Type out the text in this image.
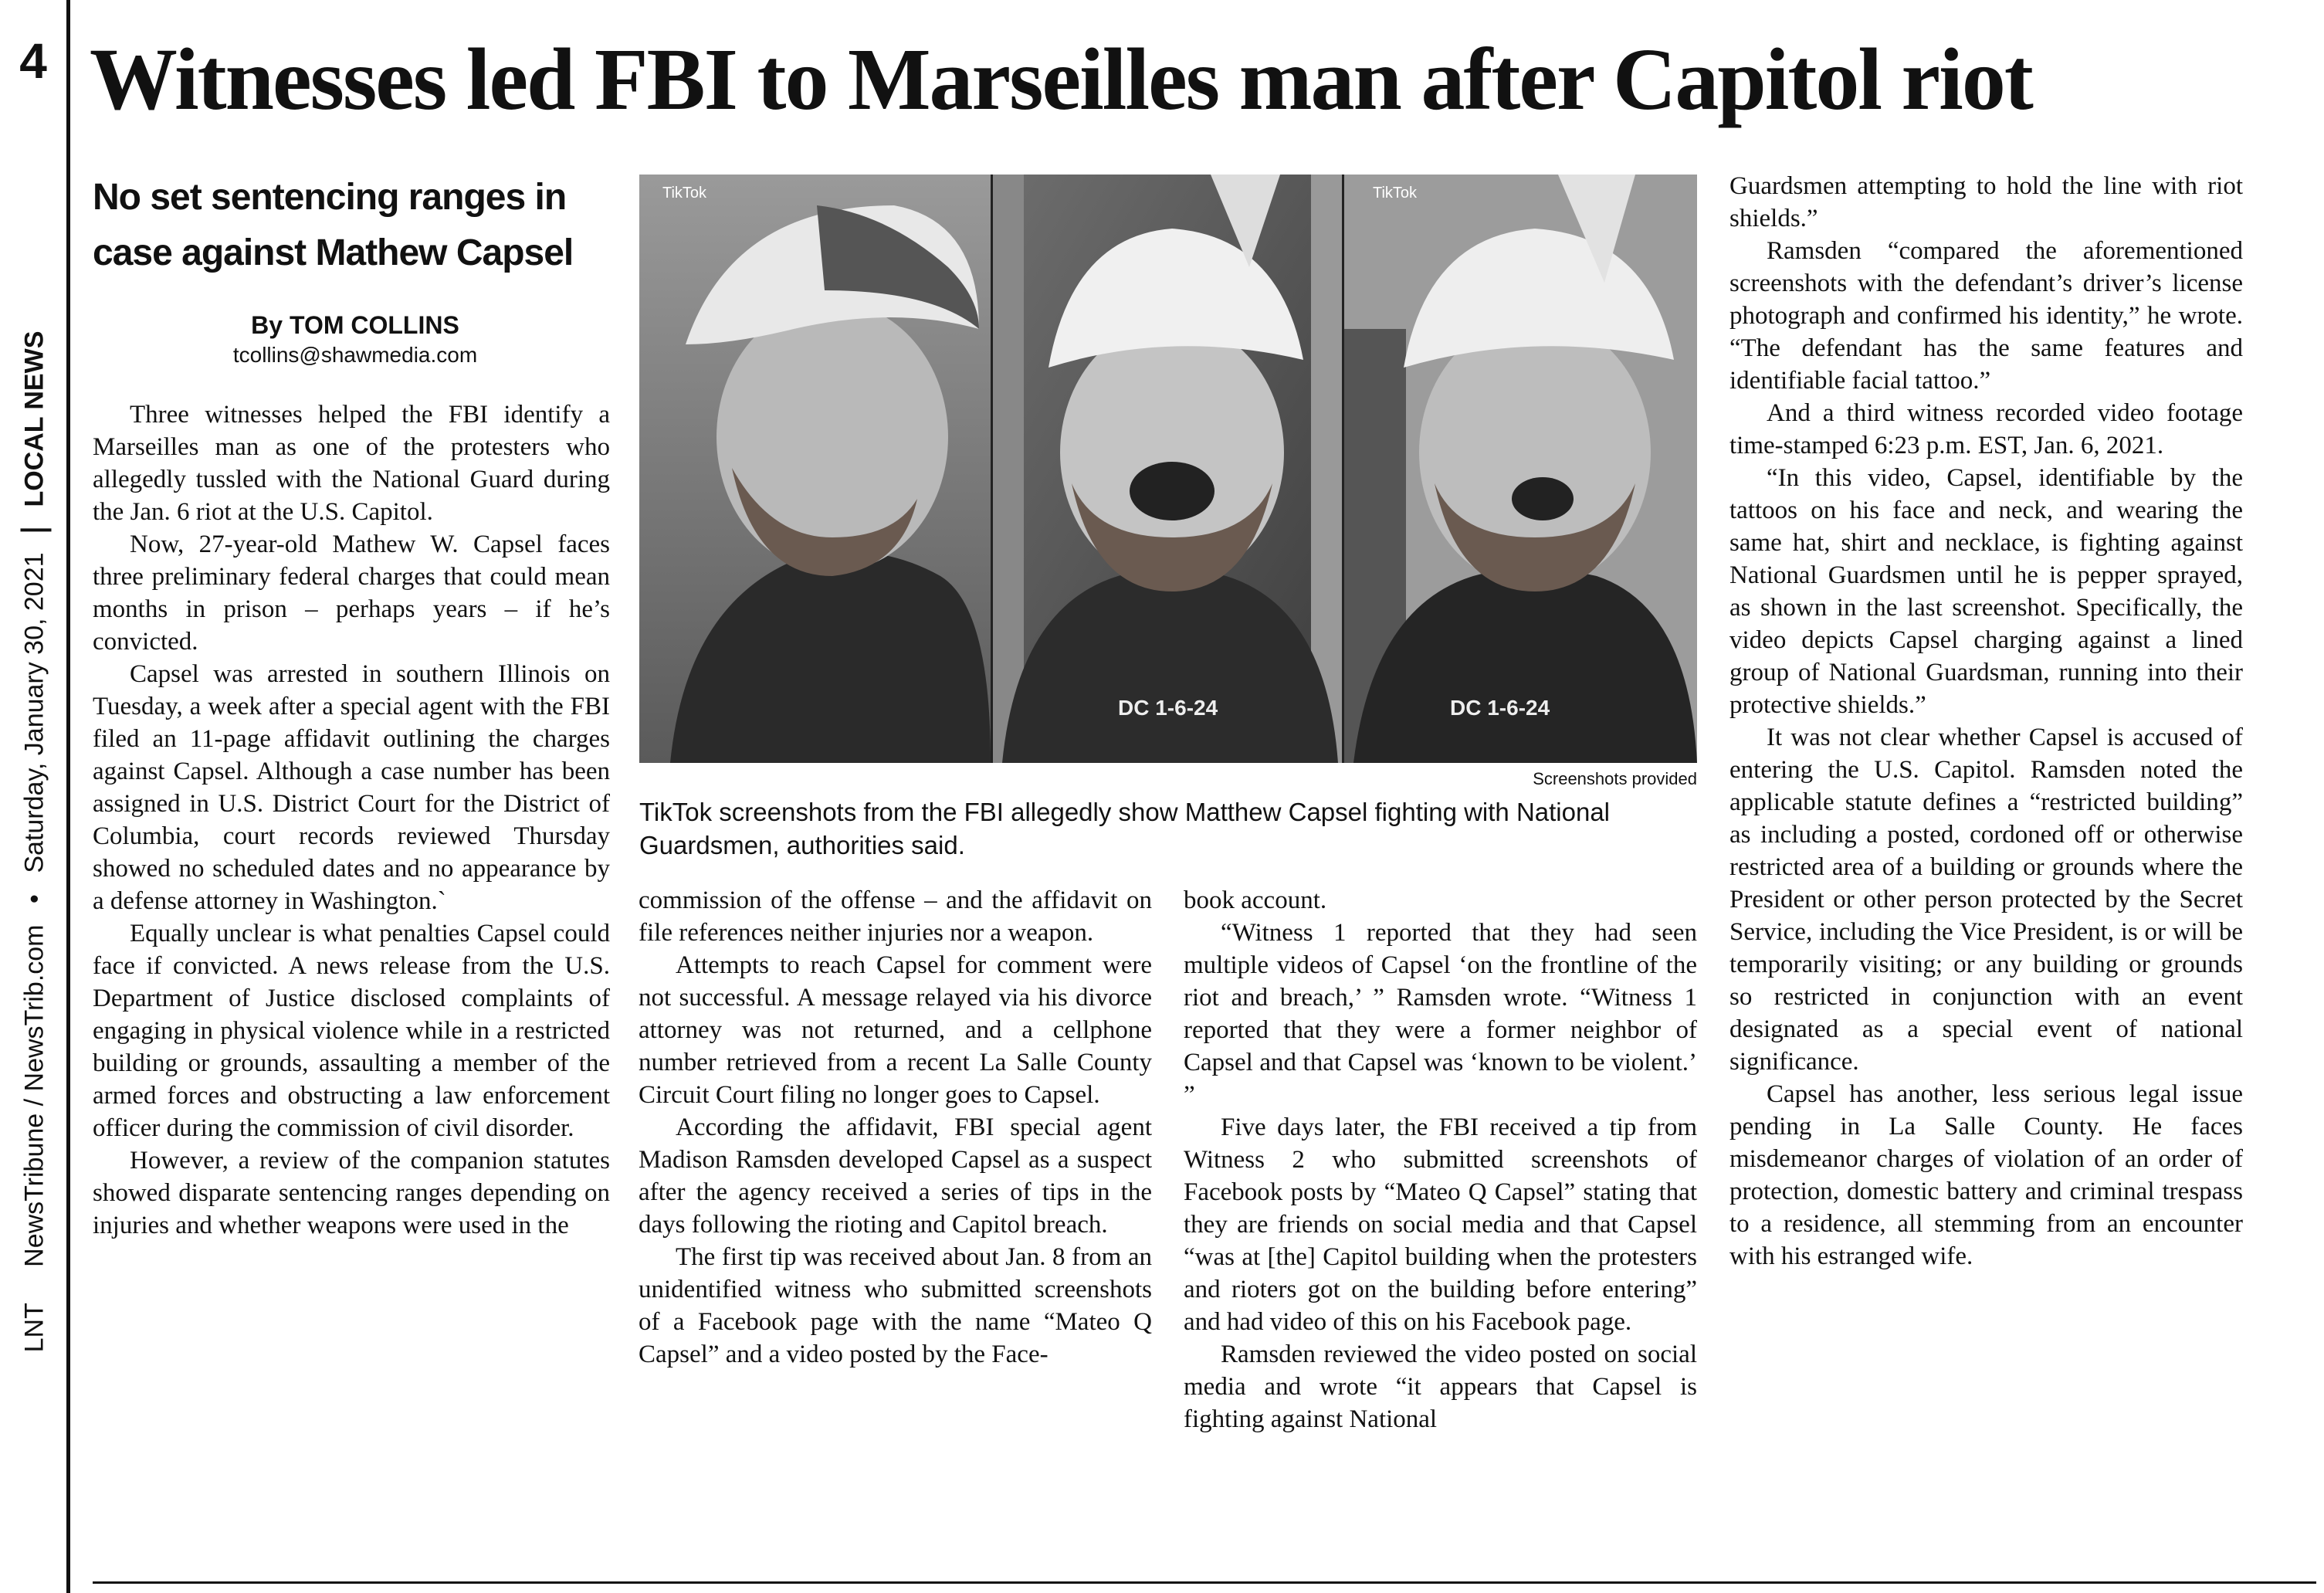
4
LNT  NewsTribune / NewsTrib.com • Saturday, January 30, 2021  LOCAL NEWS
Witnesses led FBI to Marseilles man after Capitol riot
No set sentencing ranges in case against Mathew Capsel
By TOM COLLINS
tcollins@shawmedia.com

Three witnesses helped the FBI identify a Marseilles man as one of the protesters who allegedly tussled with the National Guard during the Jan. 6 riot at the U.S. Capitol.

Now, 27-year-old Mathew W. Capsel faces three preliminary federal charges that could mean months in prison – perhaps years – if he’s convicted.

Capsel was arrested in southern Illinois on Tuesday, a week after a special agent with the FBI filed an 11-page affidavit outlining the charges against Capsel. Although a case number has been assigned in U.S. District Court for the District of Columbia, court records reviewed Thursday showed no scheduled dates and no appearance by a defense attorney in Washington.`

Equally unclear is what penalties Capsel could face if convicted. A news release from the U.S. Department of Justice disclosed complaints of engaging in physical violence while in a restricted building or grounds, assaulting a member of the armed forces and obstructing a law enforcement officer during the commission of civil disorder.

However, a review of the companion statutes showed disparate sentencing ranges depending on injuries and whether weapons were used in the

TikTok
DC 1-6-24	DC 1-6-24
TikTok
Screenshots provided

TikTok screenshots from the FBI allegedly show Matthew Capsel fighting with National Guardsmen, authorities said.

commission of the offense – and the affidavit on file references neither injuries nor a weapon.

Attempts to reach Capsel for comment were not successful. A message relayed via his divorce attorney was not returned, and a cellphone number retrieved from a recent La Salle County Circuit Court filing no longer goes to Capsel.

According the affidavit, FBI special agent Madison Ramsden developed Capsel as a suspect after the agency received a series of tips in the days following the rioting and Capitol breach.

The first tip was received about Jan. 8 from an unidentified witness who submitted screenshots of a Facebook page with the name “Mateo Q Capsel” and a video posted by the Face-

book account.

“Witness 1 reported that they had seen multiple videos of Capsel ‘on the frontline of the riot and breach,’ ” Ramsden wrote. “Witness 1 reported that they were a former neighbor of Capsel and that Capsel was ‘known to be violent.’ ”

Five days later, the FBI received a tip from Witness 2 who submitted screenshots of Facebook posts by “Mateo Q Capsel” stating that they are friends on social media and that Capsel “was at [the] Capitol building when the protesters and rioters got on the building before entering” and had video of this on his Facebook page.

Ramsden reviewed the video posted on social media and wrote “it appears that Capsel is fighting against National

Guardsmen attempting to hold the line with riot shields.”

Ramsden “compared the aforementioned screenshots with the defendant’s driver’s license photograph and confirmed his identity,” he wrote. “The defendant has the same features and identifiable facial tattoo.”

And a third witness recorded video footage time-stamped 6:23 p.m. EST, Jan. 6, 2021.

“In this video, Capsel, identifiable by the tattoos on his face and neck, and wearing the same hat, shirt and necklace, is fighting against National Guardsmen until he is pepper sprayed, as shown in the last screenshot. Specifically, the video depicts Capsel charging against a lined group of National Guardsman, running into their protective shields.”

It was not clear whether Capsel is accused of entering the U.S. Capitol. Ramsden noted the applicable statute defines a “restricted building” as including a posted, cordoned off or otherwise restricted area of a building or grounds where the President or other person protected by the Secret Service, including the Vice President, is or will be temporarily visiting; or any building or grounds so restricted in conjunction with an event designated as a special event of national significance.

Capsel has another, less serious legal issue pending in La Salle County. He faces misdemeanor charges of violation of an order of protection, domestic battery and criminal trespass to a residence, all stemming from an encounter with his estranged wife.
